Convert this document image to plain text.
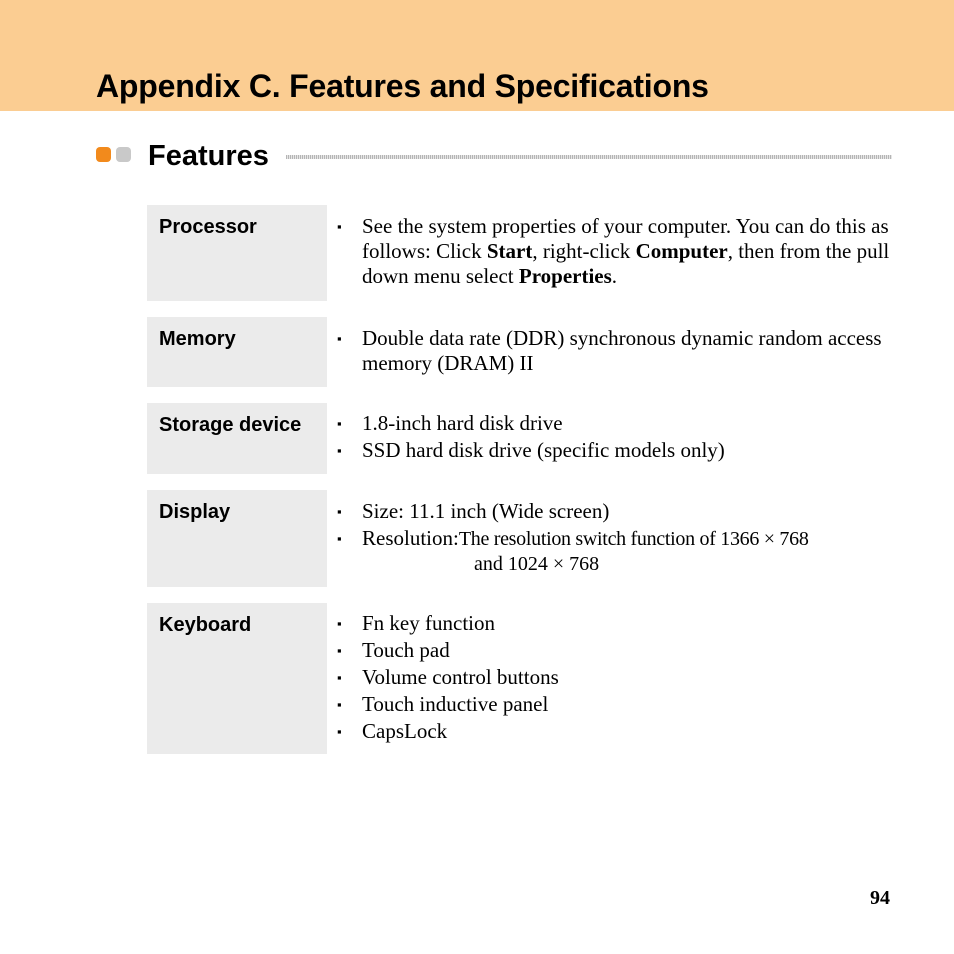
Appendix C. Features and Specifications
Features
Processor	▪ See the system properties of your computer. You can do this as follows: Click Start, right-click Computer, then from the pull down menu select Properties.
Memory	▪ Double data rate (DDR) synchronous dynamic random access memory (DRAM) II
Storage device	▪ 1.8-inch hard disk drive
▪ SSD hard disk drive (specific models only)
Display	▪ Size: 11.1 inch (Wide screen)
▪ Resolution:The resolution switch function of 1366 × 768
and 1024 × 768
Keyboard	▪ Fn key function
▪ Touch pad
▪ Volume control buttons
▪ Touch inductive panel
▪ CapsLock
94
